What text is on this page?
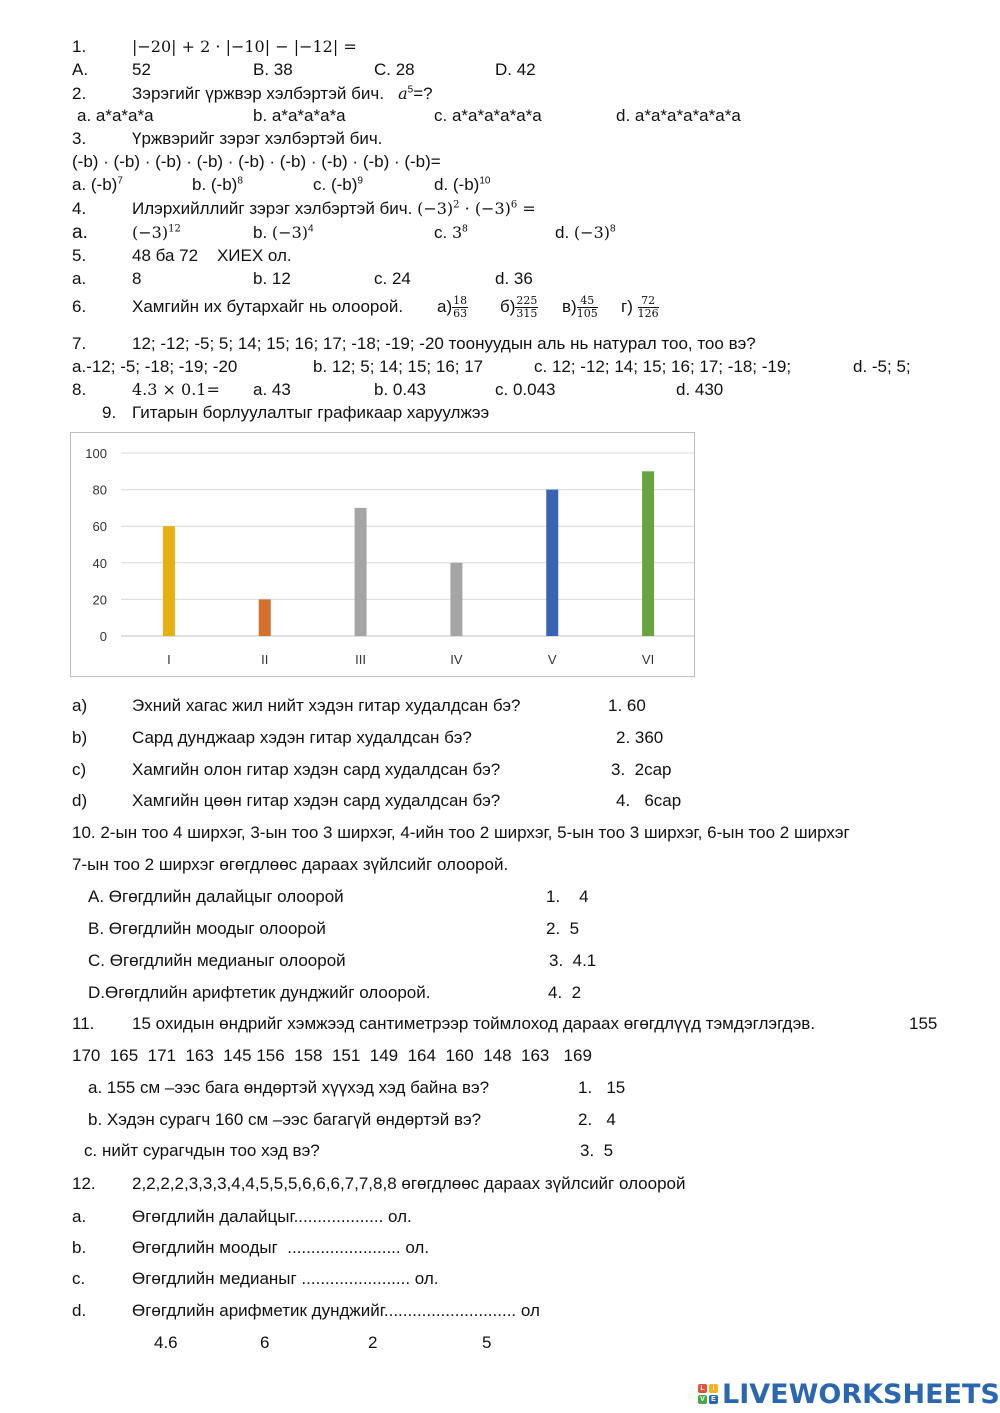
1.	|−20| + 2 · |−10| − |−12| =
A.	52	B. 38	C. 28	D. 42
2.	Зэрэгийг үржвэр хэлбэртэй бич. $a^5=$?
a. a*a*a*a	b. a*a*a*a*a	c. a*a*a*a*a*a	d. a*a*a*a*a*a*a
3.	Үржвэрийг зэрэг хэлбэртэй бич.
(-b) · (-b) · (-b) · (-b) · (-b) · (-b) · (-b) · (-b) · (-b)=
a. $(-b)^7$	b. $(-b)^8$	c. $(-b)^9$	d. $(-b)^{10}$
4.	Илэрхийллийг зэрэг хэлбэртэй бич. $(-3)^2 \cdot (-3)^6$ =
a.	$(-3)^{12}$	b. $(-3)^4$	c. $3^8$	d. $(-3)^8$
5.	48 ба 72    ХИЕХ ол.
a.	8	b. 12	c. 24	d. 36
6.	Хамгийн их бутархайг нь олоорой. $а) \frac{18}{63} б) \frac{225}{315} в) \frac{45}{105} г) \frac{72}{126}$
7.	12; -12; -5; 5; 14; 15; 16; 17; -18; -19; -20 тоонуудын аль нь натурал тоо, тоо вэ?
a.-12; -5; -18; -19; -20	b. 12; 5; 14; 15; 16; 17	c. 12; -12; 14; 15; 16; 17; -18; -19;	d. -5; 5;
8.	4.3 × 0.1= a. 43	b. 0.43	c. 0.043	d. 430
9. Гитарын борлуулалтыг графикаар харуулжээ
0
20
40
60
80
100
I	II	III	IV	V	VI
a)	Эхний хагас жил нийт хэдэн гитар худалдсан бэ?	1. 60
b)	Сард дунджаар хэдэн гитар худалдсан бэ?	2. 360
c)	Хамгийн олон гитар хэдэн сард худалдсан бэ?	3.  2сар
d)	Хамгийн цөөн гитар хэдэн сард худалдсан бэ?	4.   6сар
10. 2-ын тоо 4 ширхэг, 3-ын тоо 3 ширхэг, 4-ийн тоо 2 ширхэг, 5-ын тоо 3 ширхэг, 6-ын тоо 2 ширхэг
7-ын тоо 2 ширхэг өгөгдлөөс дараах зүйлсийг олоорой.
A. Өгөгдлийн далайцыг олоорой	1.    4
B. Өгөгдлийн моодыг олоорой	2.  5
C. Өгөгдлийн медианыг олоорой	3.  4.1
D.Өгөгдлийн арифтетик дунджийг олоорой.	4.  2
11. 15 охидын өндрийг хэмжээд сантиметрээр тоймлоход дараах өгөгдлүүд тэмдэглэгдэв.	155
170  165  171  163  145 156  158  151  149  164  160  148  163   169
a. 155 см –ээс бага өндөртэй хүүхэд хэд байна вэ?	1.   15
b. Хэдэн сурагч 160 см –ээс багагүй өндөртэй вэ?	2.   4
c. нийт сурагчдын тоо хэд вэ?	3.  5
12. 2,2,2,2,3,3,3,4,4,5,5,5,6,6,6,7,7,8,8 өгөгдлөөс дараах зүйлсийг олоорой
a.	Өгөгдлийн далайцыг................... ол.
b.	Өгөгдлийн моодыг  ........................ ол.
c.	Өгөгдлийн медианыг ....................... ол.
d.	Өгөгдлийн арифметик дунджийг............................ ол
4.6	6	2	5
L	i
V E LIVEWORKSHEETS
